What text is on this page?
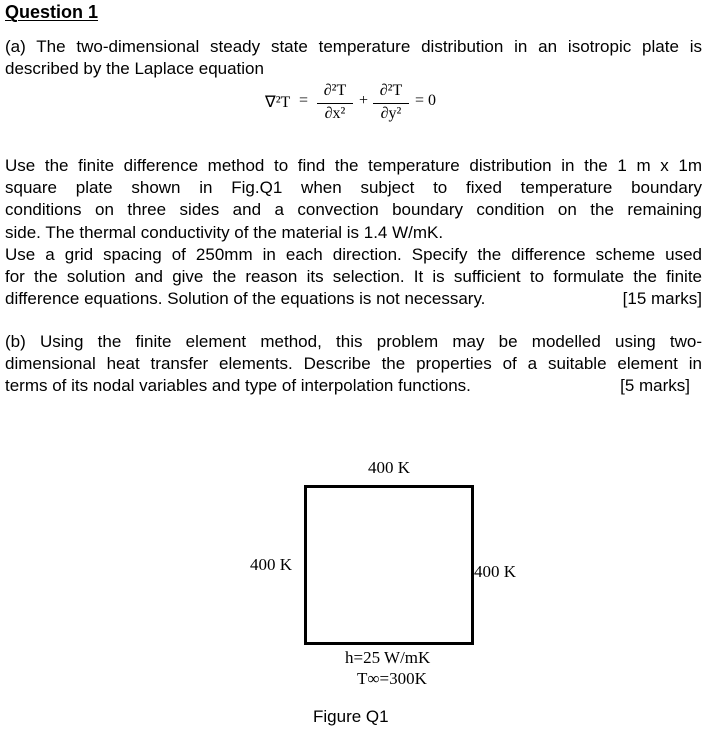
Question 1
(a) The two-dimensional steady state temperature distribution in an isotropic plate is
described by the Laplace equation
∇²T =
∂²T
∂x²
+
∂²T
∂y²
= 0
Use the finite difference method to find the temperature distribution in the 1 m x 1m
square plate shown in Fig.Q1 when subject to fixed temperature boundary
conditions on three sides and a convection boundary condition on the remaining
side. The thermal conductivity of the material is 1.4 W/mK.
Use a grid spacing of 250mm in each direction. Specify the difference scheme used
for the solution and give the reason its selection. It is sufficient to formulate the finite
difference equations. Solution of the equations is not necessary.	[15 marks]
(b) Using the finite element method, this problem may be modelled using two-
dimensional heat transfer elements. Describe the properties of a suitable element in
terms of its nodal variables and type of interpolation functions.	[5 marks]
400 K
400 K	400 K
h=25 W/mK
T∞=300K
Figure Q1
